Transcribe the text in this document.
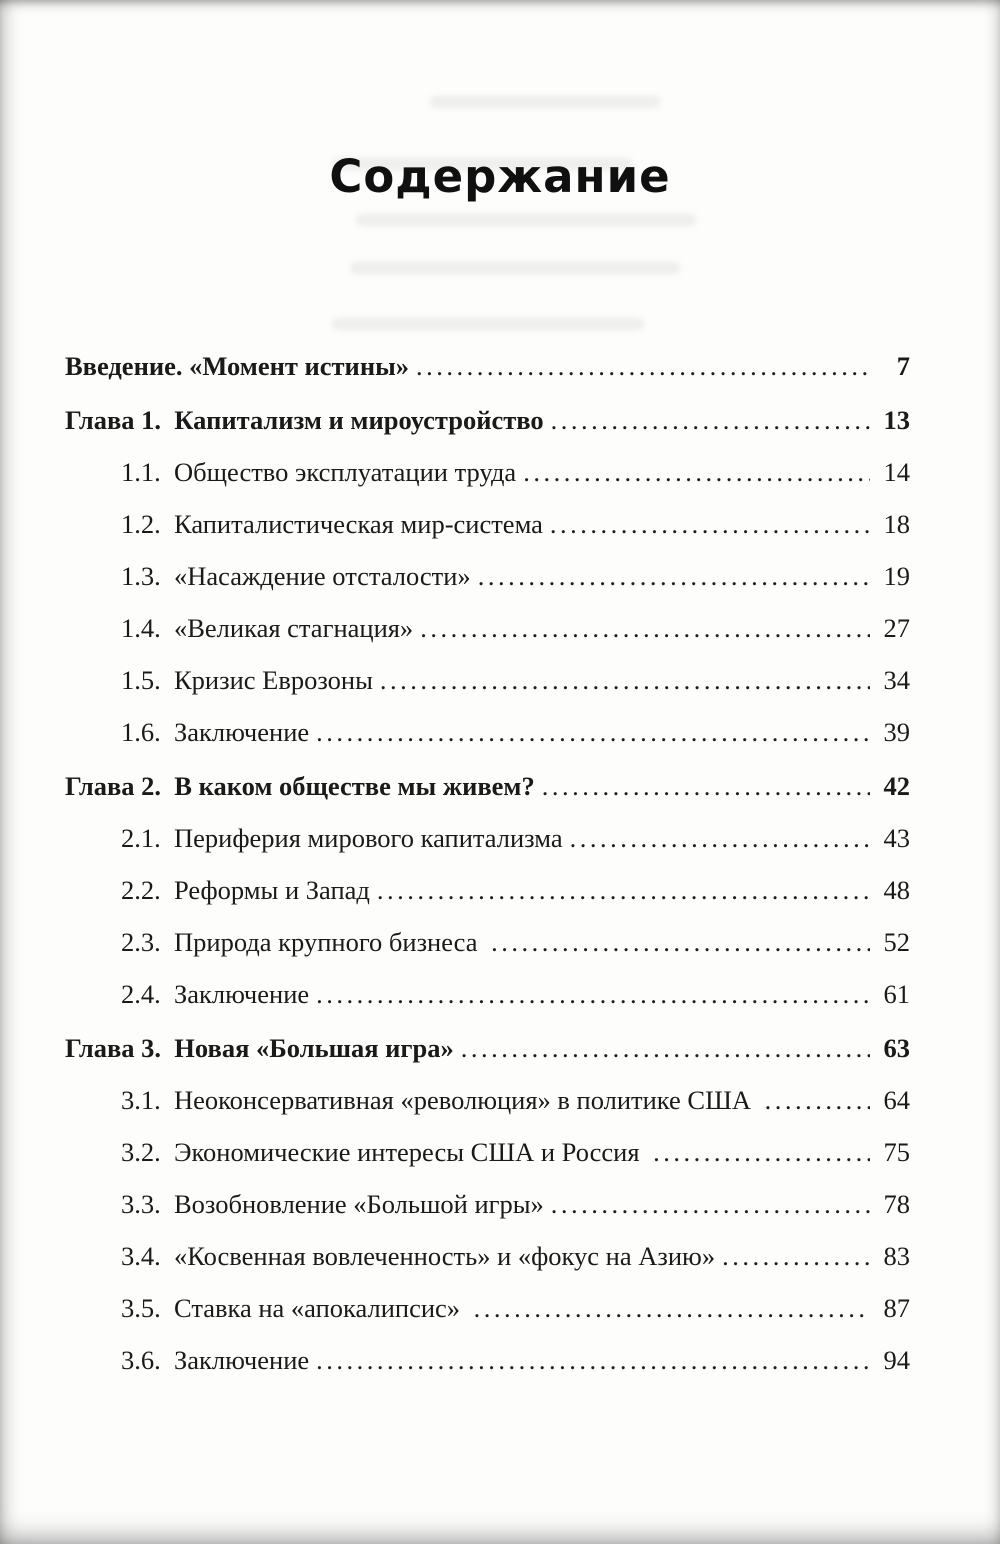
Содержание
Введение. «Момент истины» .....	7
Глава 1.  Капитализм и мироустройство .....	13
1.1.  Общество эксплуатации труда .....	14
1.2.  Капиталистическая мир-система .....	18
1.3.  «Насаждение отсталости» .....	19
1.4.  «Великая стагнация» .....	27
1.5.  Кризис Еврозоны .....	34
1.6.  Заключение .....	39
Глава 2.  В каком обществе мы живем? .....	42
2.1.  Периферия мирового капитализма .....	43
2.2.  Реформы и Запад .....	48
2.3.  Природа крупного бизнеса .....	52
2.4.  Заключение .....	61
Глава 3.  Новая «Большая игра» .....	63
3.1.  Неоконсервативная «революция» в политике США .....	64
3.2.  Экономические интересы США и Россия .....	75
3.3.  Возобновление «Большой игры» .....	78
3.4.  «Косвенная вовлеченность» и «фокус на Азию» .....	83
3.5.  Ставка на «апокалипсис» .....	87
3.6.  Заключение .....	94
